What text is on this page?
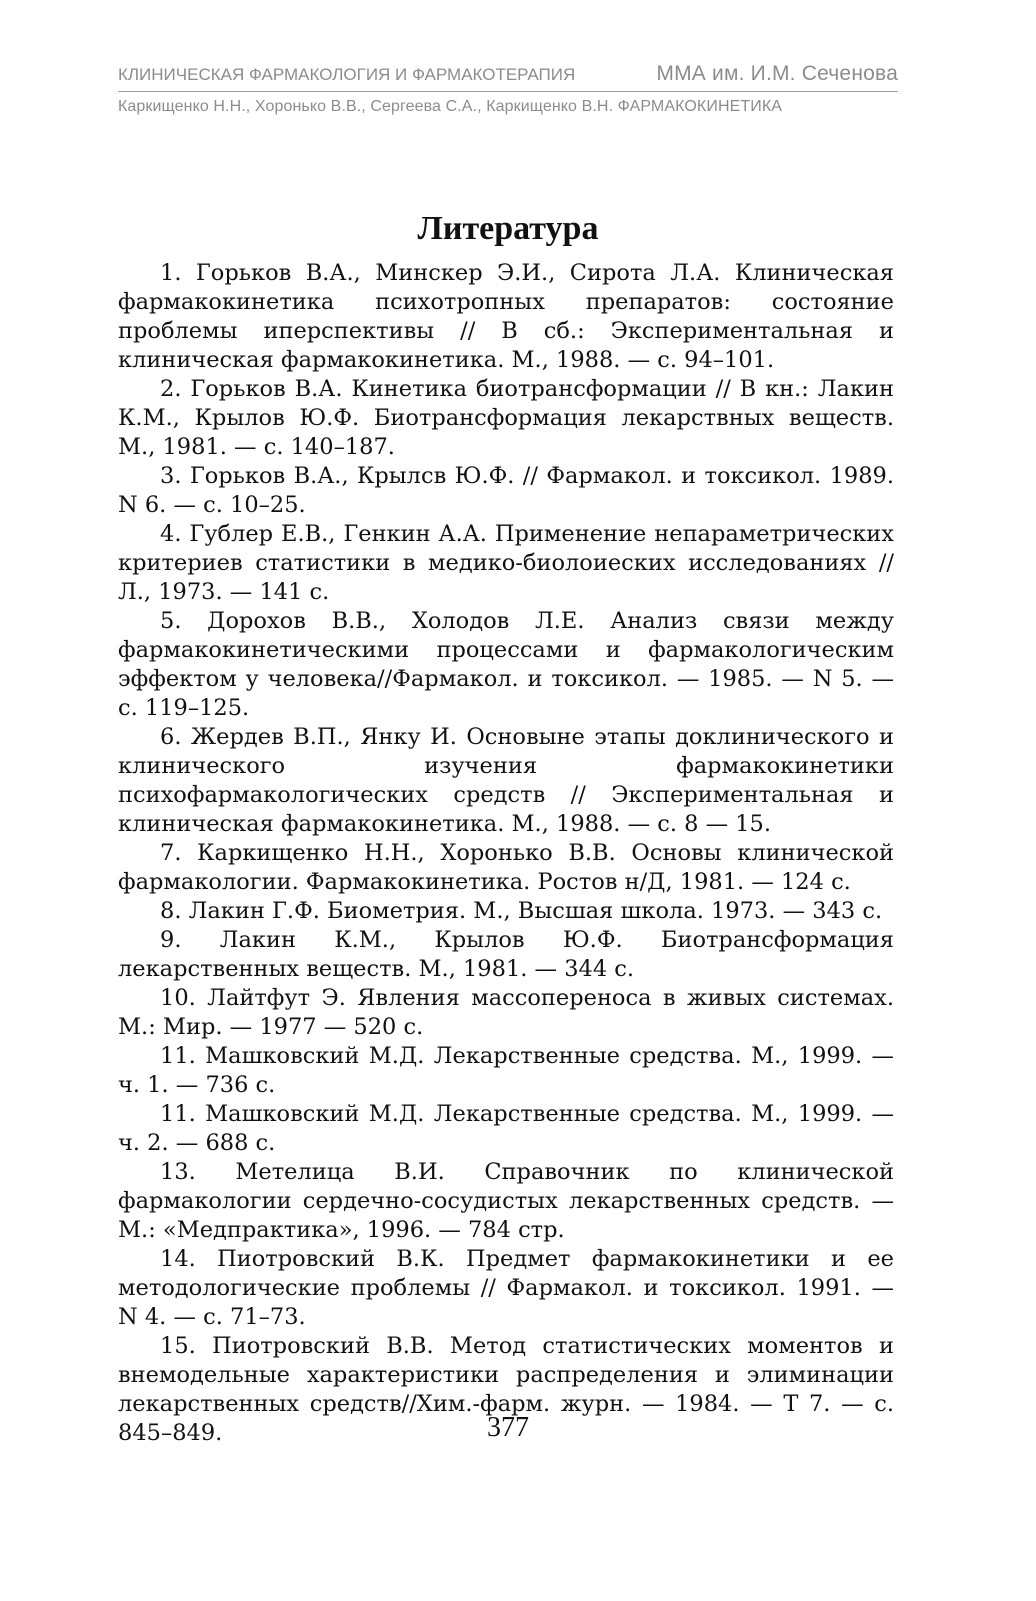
КЛИНИЧЕСКАЯ ФАРМАКОЛОГИЯ И ФАРМАКОТЕРАПИЯ	ММА им. И.М. Сеченова
Каркищенко Н.Н., Хоронько В.В., Сергеева С.А., Каркищенко В.Н. ФАРМАКОКИНЕТИКА
Литература
1. Горьков В.А., Минскер Э.И., Сирота Л.А. Клиническая фармакокинетика психотропных препаратов: состояние проблемы иперспективы // В сб.: Экспериментальная и клиническая фармакокинетика. М., 1988. — с. 94–101.
2. Горьков В.А. Кинетика биотрансформации // В кн.: Лакин К.М., Крылов Ю.Ф. Биотрансформация лекарствных веществ. М., 1981. — с. 140–187.
3. Горьков В.А., Крылсв Ю.Ф. // Фармакол. и токсикол. 1989. N 6. — с. 10–25.
4. Гублер Е.В., Генкин А.А. Применение непараметрических критериев статистики в медико-биолоиеских исследованиях // Л., 1973. — 141 с.
5. Дорохов В.В., Холодов Л.Е. Анализ связи между фармакокинетическими процессами и фармакологическим эффектом у человека//Фармакол. и токсикол. — 1985. — N 5. — с. 119–125.
6. Жердев В.П., Янку И. Основыне этапы доклинического и клинического изучения фармакокинетики психофармакологических средств // Экспериментальная и клиническая фармакокинетика. М., 1988. — с. 8 — 15.
7. Каркищенко Н.Н., Хоронько В.В. Основы клинической фармакологии. Фармакокинетика. Ростов н/Д, 1981. — 124 с.
8. Лакин Г.Ф. Биометрия. М., Высшая школа. 1973. — 343 с.
9. Лакин К.М., Крылов Ю.Ф. Биотрансформация лекарственных веществ. М., 1981. — 344 с.
10. Лайтфут Э. Явления массопереноса в живых системах. М.: Мир. — 1977 — 520 с.
11. Машковский М.Д. Лекарственные средства. М., 1999. — ч. 1. — 736 с.
11. Машковский М.Д. Лекарственные средства. М., 1999. — ч. 2. — 688 с.
13. Метелица В.И. Справочник по клинической фармакологии сердечно-сосудистых лекарственных средств. — М.: «Медпрактика», 1996. — 784 стр.
14. Пиотровский В.К. Предмет фармакокинетики и ее методологические проблемы // Фармакол. и токсикол. 1991. — N 4. — с. 71–73.
15. Пиотровский В.В. Метод статистических моментов и внемодельные характеристики распределения и элиминации лекарственных средств//Хим.-фарм. журн. — 1984. — Т 7. — с. 845–849.	377
